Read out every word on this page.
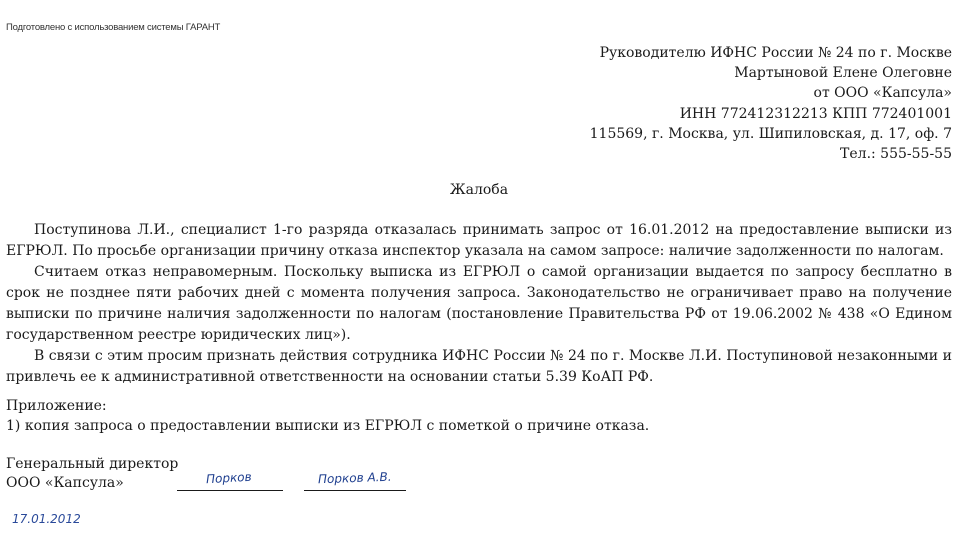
Подготовлено с использованием системы ГАРАНТ
Руководителю ИФНС России № 24 по г. Москве
Мартыновой Елене Олеговне
от ООО «Капсула»
ИНН 772412312213 КПП 772401001
115569, г. Москва, ул. Шипиловская, д. 17, оф. 7
Тел.: 555-55-55
Жалоба

Поступинова Л.И., специалист 1-го разряда отказалась принимать запрос от 16.01.2012 на предоставление выписки из ЕГРЮЛ. По просьбе организации причину отказа инспектор указала на самом запросе: наличие задолженности по налогам.

Считаем отказ неправомерным. Поскольку выписка из ЕГРЮЛ о самой организации выдается по запросу бесплатно в срок не позднее пяти рабочих дней с момента получения запроса. Законодательство не ограничивает право на получение выписки по причине наличия задолженности по налогам (постановление Правительства РФ от 19.06.2002 № 438 «О Едином государственном реестре юридических лиц»).

В связи с этим просим признать действия сотрудника ИФНС России № 24 по г. Москве Л.И. Поступиновой незаконными и привлечь ее к административной ответственности на основании статьи 5.39 КоАП РФ.

Приложение:
1) копия запроса о предоставлении выписки из ЕГРЮЛ с пометкой о причине отказа.
Генеральный директор
ООО «Капсула»	Порков	Порков А.В.
17.01.2012
